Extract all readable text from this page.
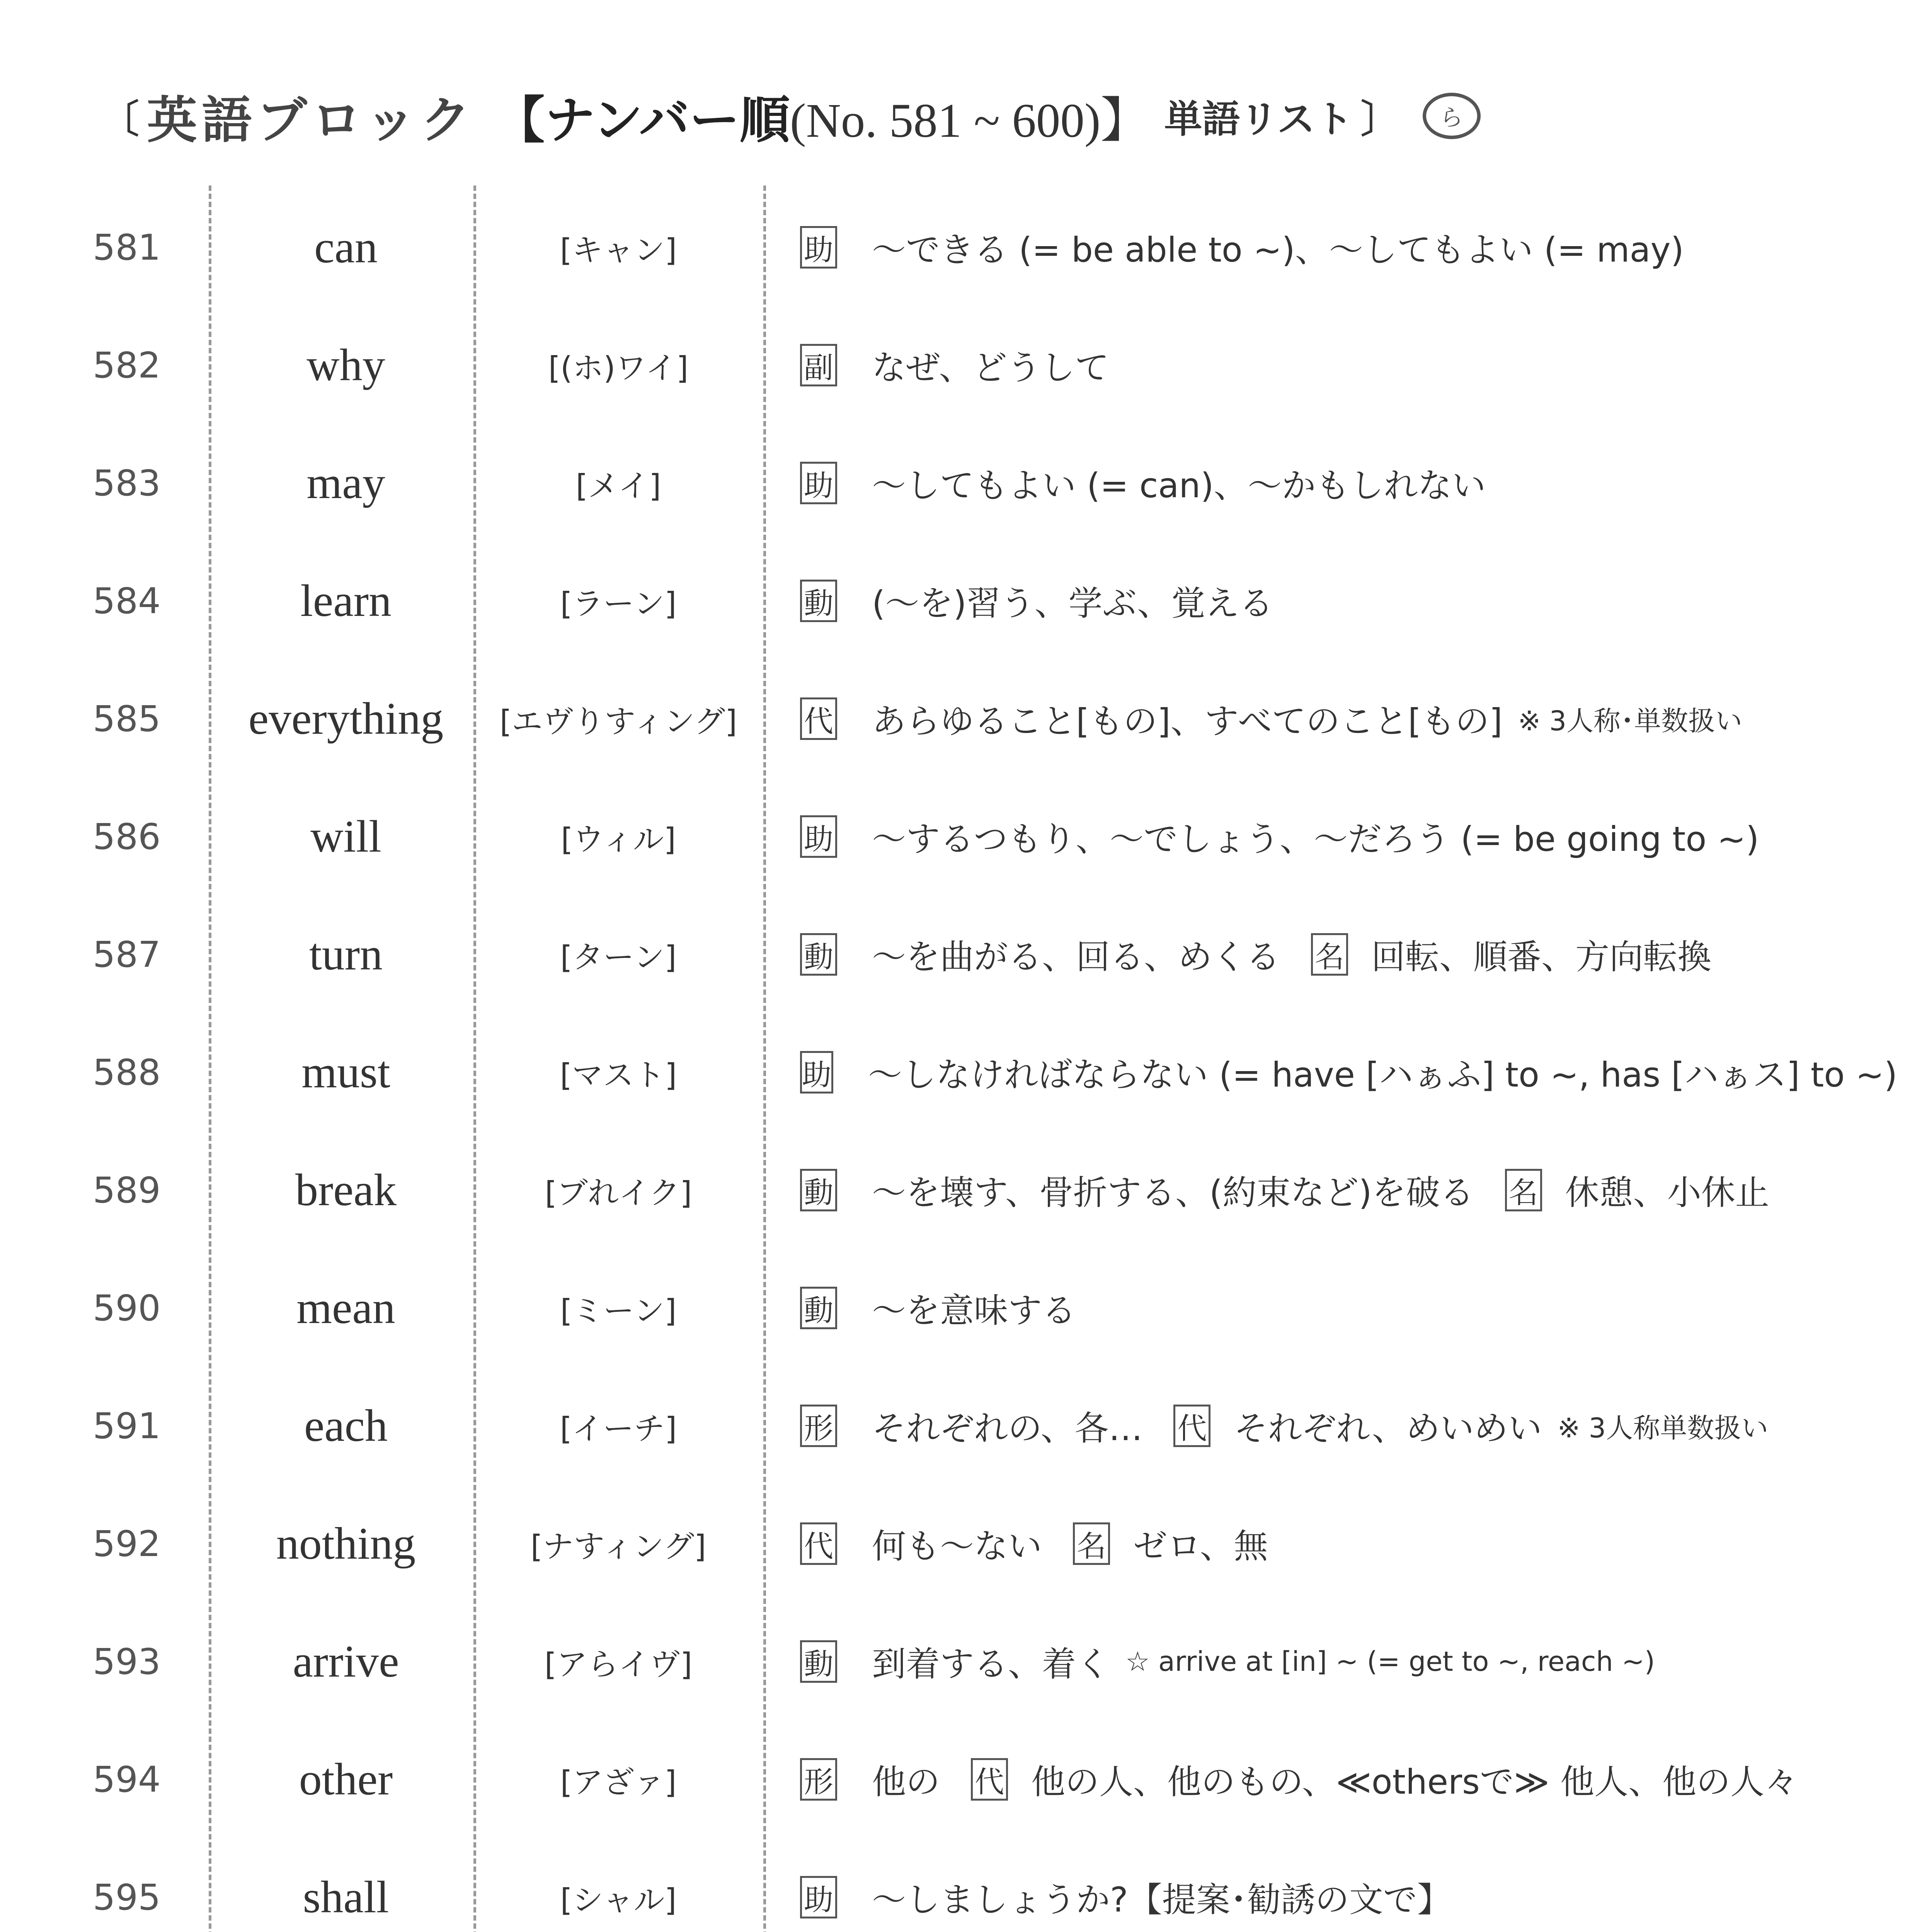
〔 英語ブロック 【ナンバー順 (No. 581 ~ 600)】 単語リスト 〕	ら
581	can	[キャン]	助 ～できる (= be able to ~)、～してもよい (= may)
582	why	[(ホ)ワイ]	副 なぜ、どうして
583	may	[メイ]	助 ～してもよい (= can)、～かもしれない
584	learn	[ラーン]	動 (～を)習う、学ぶ、覚える
585	everything	[エヴりすィング]	代 あらゆること[もの]、すべてのこと[もの] ※ 3人称･単数扱い
586	will	[ウィル]	助 ～するつもり、～でしょう、～だろう (= be going to ~)
587	turn	[ターン]	動 ～を曲がる、回る、めくる 名 回転、順番、方向転換
588	must	[マスト]	助 ～しなければならない (= have [ハぁふ] to ~, has [ハぁス] to ~)
589	break	[ブれイク]	動 ～を壊す、骨折する、(約束など)を破る 名 休憩、小休止
590	mean	[ミーン]	動 ～を意味する
591	each	[イーチ]	形 それぞれの、各… 代 それぞれ、めいめい ※ 3人称単数扱い
592	nothing	[ナすィング]	代 何も～ない 名 ゼロ、無
593	arrive	[アらイヴ]	動 到着する、着く ☆ arrive at [in] ~ (= get to ~, reach ~)
594	other	[アざァ]	形 他の 代 他の人、他のもの、≪othersで≫ 他人、他の人々
595	shall	[シャル]	助 ～しましょうか?【提案･勧誘の文で】
